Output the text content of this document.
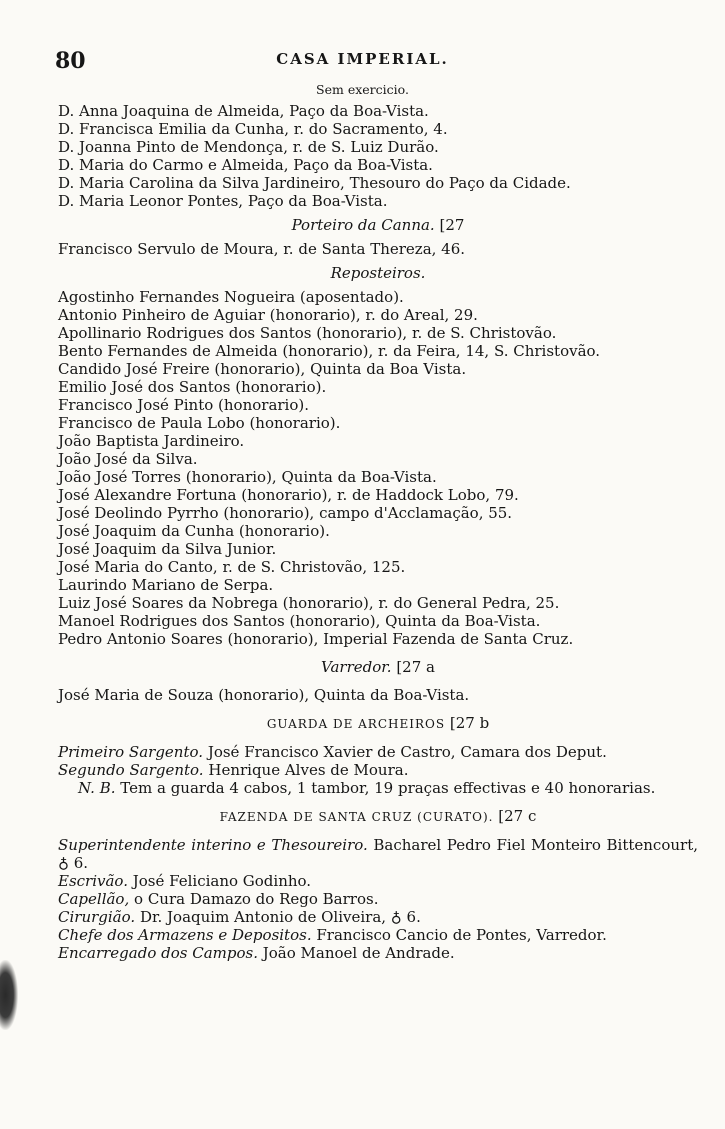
80	CASA IMPERIAL.
Sem exercicio.
D. Anna Joaquina de Almeida, Paço da Boa-Vista.
D. Francisca Emilia da Cunha, r. do Sacramento, 4.
D. Joanna Pinto de Mendonça, r. de S. Luiz Durão.
D. Maria do Carmo e Almeida, Paço da Boa-Vista.
D. Maria Carolina da Silva Jardineiro, Thesouro do Paço da Cidade.
D. Maria Leonor Pontes, Paço da Boa-Vista.
Porteiro da Canna. [27
Francisco Servulo de Moura, r. de Santa Thereza, 46.
Reposteiros.
Agostinho Fernandes Nogueira (aposentado).
Antonio Pinheiro de Aguiar (honorario), r. do Areal, 29.
Apollinario Rodrigues dos Santos (honorario), r. de S. Christovão.
Bento Fernandes de Almeida (honorario), r. da Feira, 14, S. Christovão.
Candido José Freire (honorario), Quinta da Boa Vista.
Emilio José dos Santos (honorario).
Francisco José Pinto (honorario).
Francisco de Paula Lobo (honorario).
João Baptista Jardineiro.
João José da Silva.
João José Torres (honorario), Quinta da Boa-Vista.
José Alexandre Fortuna (honorario), r. de Haddock Lobo, 79.
José Deolindo Pyrrho (honorario), campo d'Acclamação, 55.
José Joaquim da Cunha (honorario).
José Joaquim da Silva Junior.
José Maria do Canto, r. de S. Christovão, 125.
Laurindo Mariano de Serpa.
Luiz José Soares da Nobrega (honorario), r. do General Pedra, 25.
Manoel Rodrigues dos Santos (honorario), Quinta da Boa-Vista.
Pedro Antonio Soares (honorario), Imperial Fazenda de Santa Cruz.
Varredor. [27 a
José Maria de Souza (honorario), Quinta da Boa-Vista.
GUARDA DE ARCHEIROS [27 b
Primeiro Sargento. José Francisco Xavier de Castro, Camara dos Deput.
Segundo Sargento. Henrique Alves de Moura.
N. B. Tem a guarda 4 cabos, 1 tambor, 19 praças effectivas e 40 honorarias.
FAZENDA DE SANTA CRUZ (CURATO). [27 c
Superintendente interino e Thesoureiro. Bacharel Pedro Fiel Monteiro Bittencourt, ♁ 6.
Escrivão. José Feliciano Godinho.
Capellão, o Cura Damazo do Rego Barros.
Cirurgião. Dr. Joaquim Antonio de Oliveira, ♁ 6.
Chefe dos Armazens e Depositos. Francisco Cancio de Pontes, Varredor.
Encarregado dos Campos. João Manoel de Andrade.
